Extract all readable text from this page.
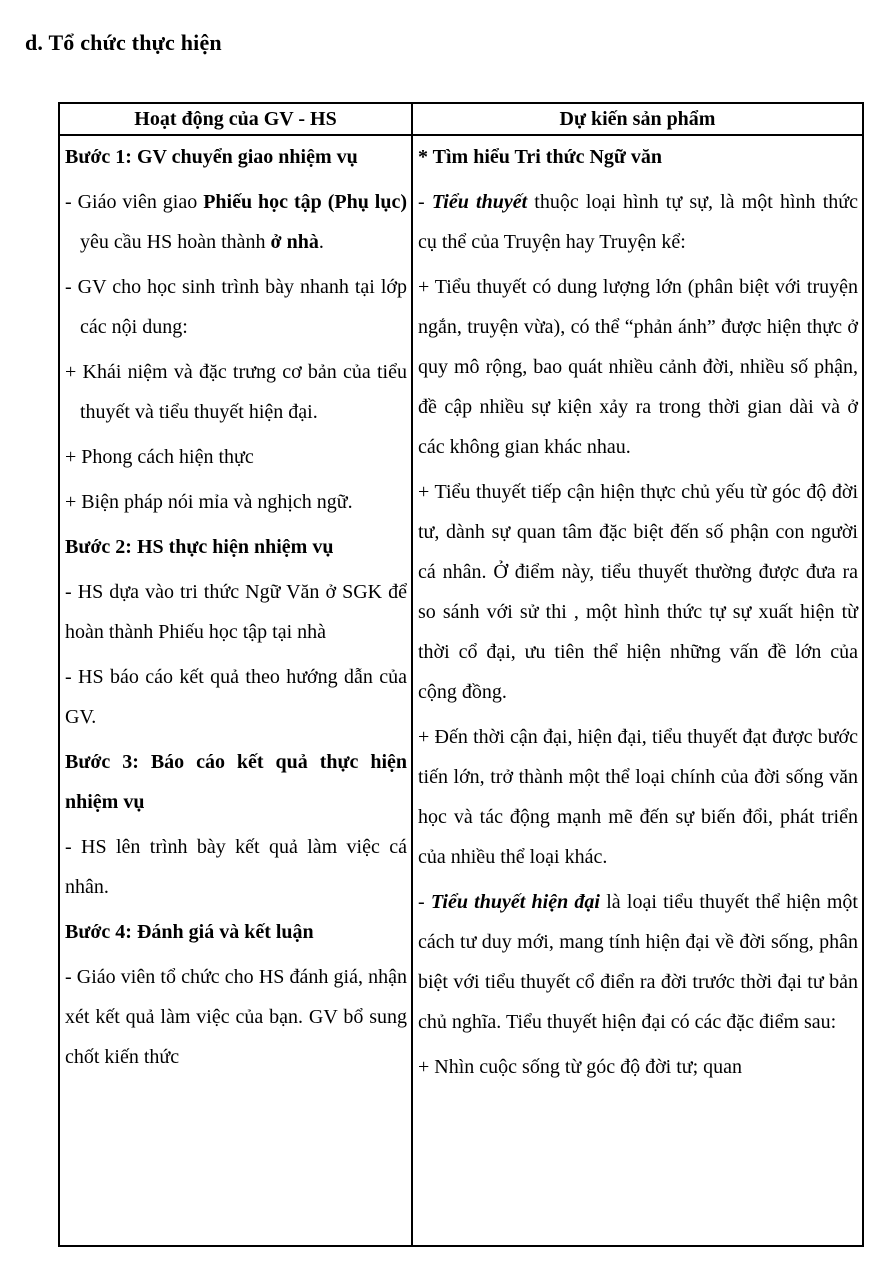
d. Tổ chức thực hiện
Hoạt động của GV - HS	Dự kiến sản phẩm

Bước 1: GV chuyển giao nhiệm vụ

- Giáo viên giao Phiếu học tập (Phụ lục) yêu cầu HS hoàn thành ở nhà.

- GV cho học sinh trình bày nhanh tại lớp các nội dung:

+ Khái niệm và đặc trưng cơ bản của tiểu thuyết và tiểu thuyết hiện đại.

+ Phong cách hiện thực

+ Biện pháp nói mỉa và nghịch ngữ.

Bước 2: HS thực hiện nhiệm vụ

- HS dựa vào tri thức Ngữ Văn ở SGK để hoàn thành Phiếu học tập tại nhà

- HS báo cáo kết quả theo hướng dẫn của GV.

Bước 3: Báo cáo kết quả thực hiện nhiệm vụ

- HS lên trình bày kết quả làm việc cá nhân.

Bước 4: Đánh giá và kết luận

- Giáo viên tổ chức cho HS đánh giá, nhận xét kết quả làm việc của bạn. GV bổ sung chốt kiến thức

* Tìm hiểu Tri thức Ngữ văn

- Tiểu thuyết thuộc loại hình tự sự, là một hình thức cụ thể của Truyện hay Truyện kể:

+ Tiểu thuyết có dung lượng lớn (phân biệt với truyện ngắn, truyện vừa), có thể “phản ánh” được hiện thực ở quy mô rộng, bao quát nhiều cảnh đời, nhiều số phận, đề cập nhiều sự kiện xảy ra trong thời gian dài và ở các không gian khác nhau.

+ Tiểu thuyết tiếp cận hiện thực chủ yếu từ góc độ đời tư, dành sự quan tâm đặc biệt đến số phận con người cá nhân. Ở điểm này, tiểu thuyết thường được đưa ra so sánh với sử thi , một hình thức tự sự xuất hiện từ thời cổ đại, ưu tiên thể hiện những vấn đề lớn của cộng đồng.

+ Đến thời cận đại, hiện đại, tiểu thuyết đạt được bước tiến lớn, trở thành một thể loại chính của đời sống văn học và tác động mạnh mẽ đến sự biến đổi, phát triển của nhiều thể loại khác.

- Tiểu thuyết hiện đại là loại tiểu thuyết thể hiện một cách tư duy mới, mang tính hiện đại về đời sống, phân biệt với tiểu thuyết cổ điển ra đời trước thời đại tư bản chủ nghĩa. Tiểu thuyết hiện đại có các đặc điểm sau:

+ Nhìn cuộc sống từ góc độ đời tư; quan
